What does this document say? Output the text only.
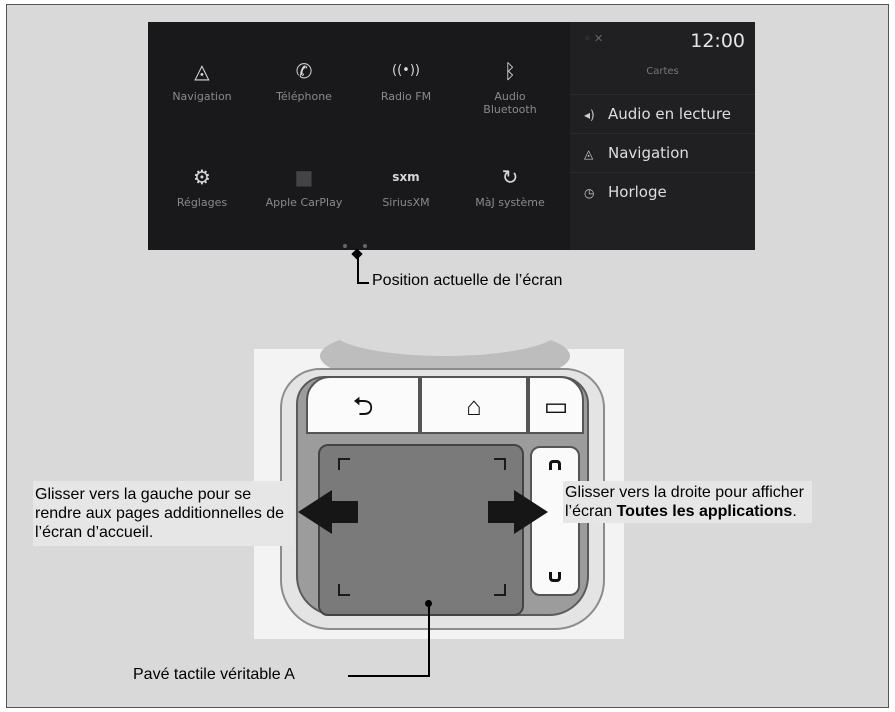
◬
Navigation
✆
Téléphone
((•))
Radio FM
ᛒ
Audio Bluetooth
⚙
Réglages
■
Apple CarPlay
sxm
SiriusXM
↻
MàJ système
◦ ✕	12:00
Cartes
◂) Audio en lecture
◬ Navigation
◷ Horloge
Position actuelle de l’écran
⮌	⌂	▭
Glisser vers la gauche pour se rendre aux pages additionnelles de l’écran d’accueil.
Glisser vers la droite pour afficher l’écran Toutes les applications.
Pavé tactile véritable A
